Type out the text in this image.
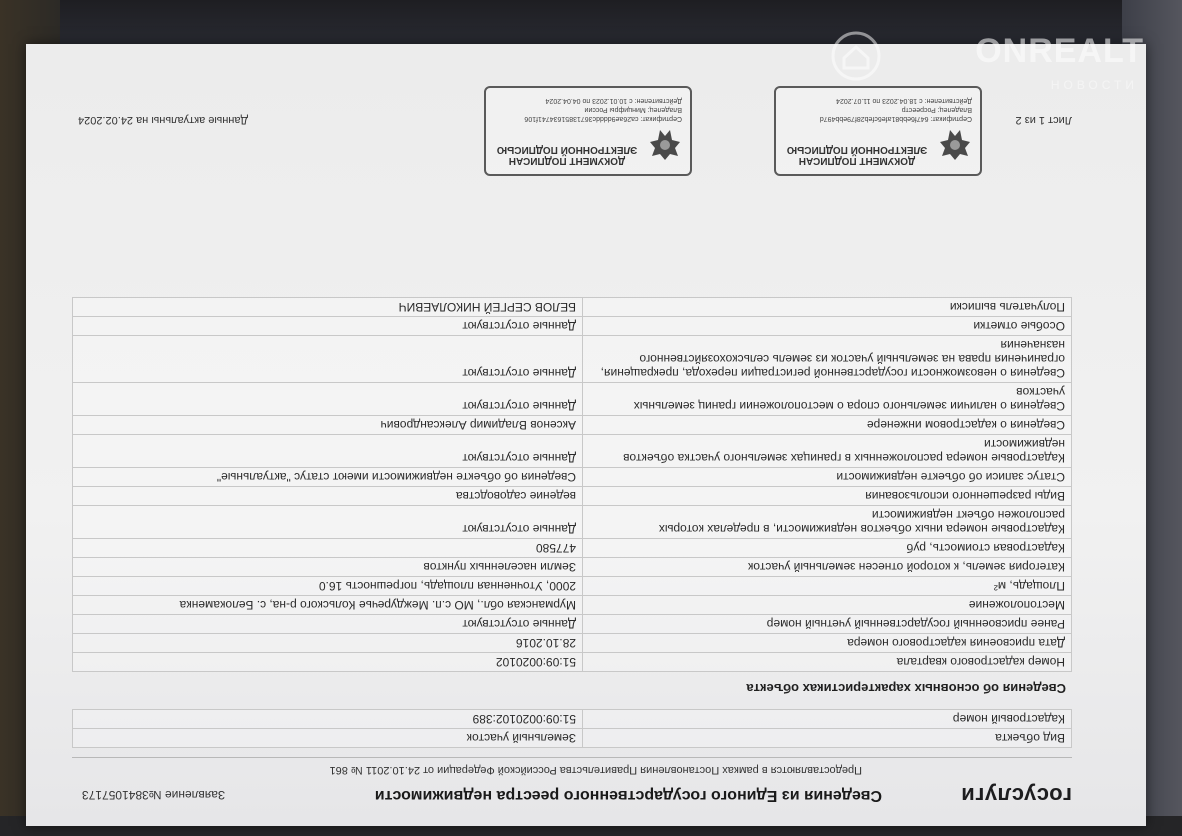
госуслуги
Сведения из Единого государственного реестра недвижимости
Заявление №3841057173
Предоставляются в рамках Постановления Правительства Российской Федерации от 24.10.2011 № 861
Вид объекта	Земельный участок
Кадастровый номер	51:09:0020102:389
Сведения об основных характеристиках объекта
Номер кадастрового квартала	51:09:0020102
Дата присвоения кадастрового номера	28.10.2016
Ранее присвоенный государственный учетный номер	Данные отсутствуют
Местоположение	Мурманская обл., МО с.п. Междуречье Кольского р-на, с. Белокаменка
Площадь, м²	2000, Уточненная площадь, погрешность 16.0
Категория земель, к которой отнесен земельный участок	Земли населенных пунктов
Кадастровая стоимость, руб	477580
Кадастровые номера иных объектов недвижимости, в пределах которых расположен объект недвижимости	Данные отсутствуют
Виды разрешенного использования	ведение садоводства
Статус записи об объекте недвижимости	Сведения об объекте недвижимости имеют статус "актуальные"
Кадастровые номера расположенных в границах земельного участка объектов недвижимости	Данные отсутствуют
Сведения о кадастровом инженере	Аксенов Владимир Александрович
Сведения о наличии земельного спора о местоположении границ земельных участков	Данные отсутствуют
Сведения о невозможности государственной регистрации перехода, прекращения, ограничения права на земельный участок из земель сельскохозяйственного назначения	Данные отсутствуют
Особые отметки	Данные отсутствуют
Получатель выписки	БЕЛОВ СЕРГЕЙ НИКОЛАЕВИЧ
ДОКУМЕНТ ПОДПИСАН ЭЛЕКТРОННОЙ ПОДПИСЬЮ
Сертификат: 647f6ebb81afe6cfeb28f79ebb497d
Владелец: Росреестр
Действителен: с 18.04.2023 по 11.07.2024
ДОКУМЕНТ ПОДПИСАН ЭЛЕКТРОННОЙ ПОДПИСЬЮ
Сертификат: ca26ae9ddddc36713851634741f106
Владелец: Минцифры России
Действителен: с 10.01.2023 по 04.04.2024
Лист 1 из 2
Данные актуальны на 24.02.2024
ONREALT
НОВОСТИ
